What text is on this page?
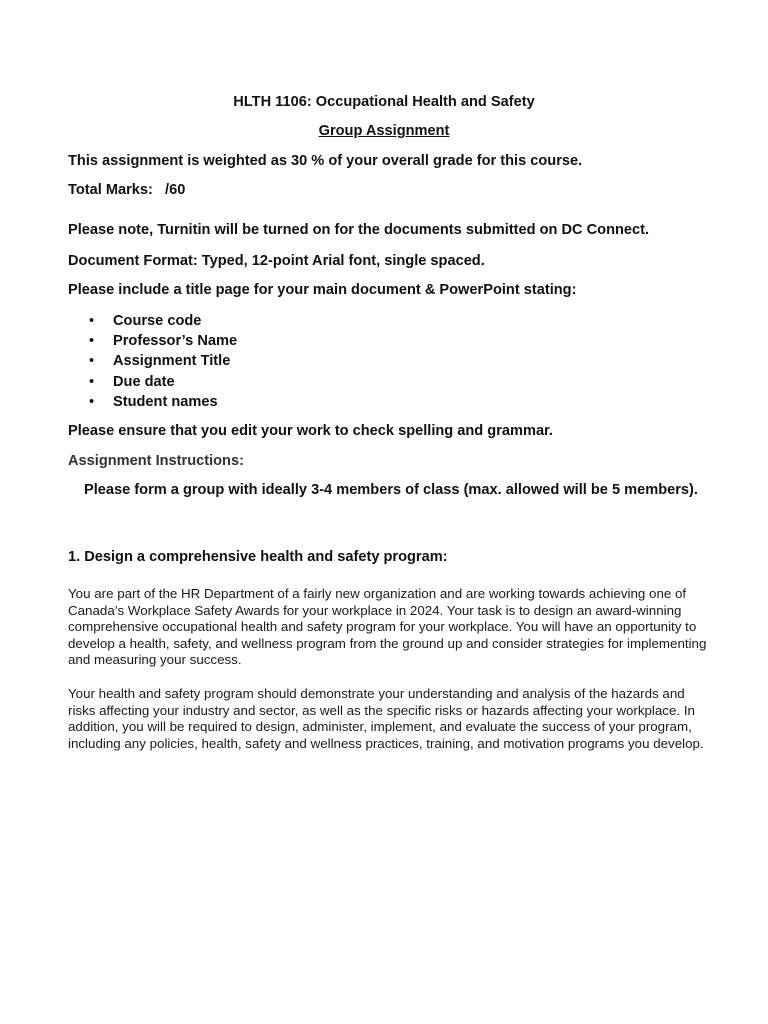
HLTH 1106: Occupational Health and Safety

Group Assignment

This assignment is weighted as 30 % of your overall grade for this course.

Total Marks:   /60

Please note, Turnitin will be turned on for the documents submitted on DC Connect.

Document Format: Typed, 12-point Arial font, single spaced.

Please include a title page for your main document & PowerPoint stating:

• Course code
• Professor’s Name
• Assignment Title
• Due date
• Student names

Please ensure that you edit your work to check spelling and grammar.

Assignment Instructions:

Please form a group with ideally 3-4 members of class (max. allowed will be 5 members).

1. Design a comprehensive health and safety program:

You are part of the HR Department of a fairly new organization and are working towards achieving one of Canada’s Workplace Safety Awards for your workplace in 2024. Your task is to design an award-winning comprehensive occupational health and safety program for your workplace. You will have an opportunity to develop a health, safety, and wellness program from the ground up and consider strategies for implementing and measuring your success.

Your health and safety program should demonstrate your understanding and analysis of the hazards and risks affecting your industry and sector, as well as the specific risks or hazards affecting your workplace. In addition, you will be required to design, administer, implement, and evaluate the success of your program, including any policies, health, safety and wellness practices, training, and motivation programs you develop.
